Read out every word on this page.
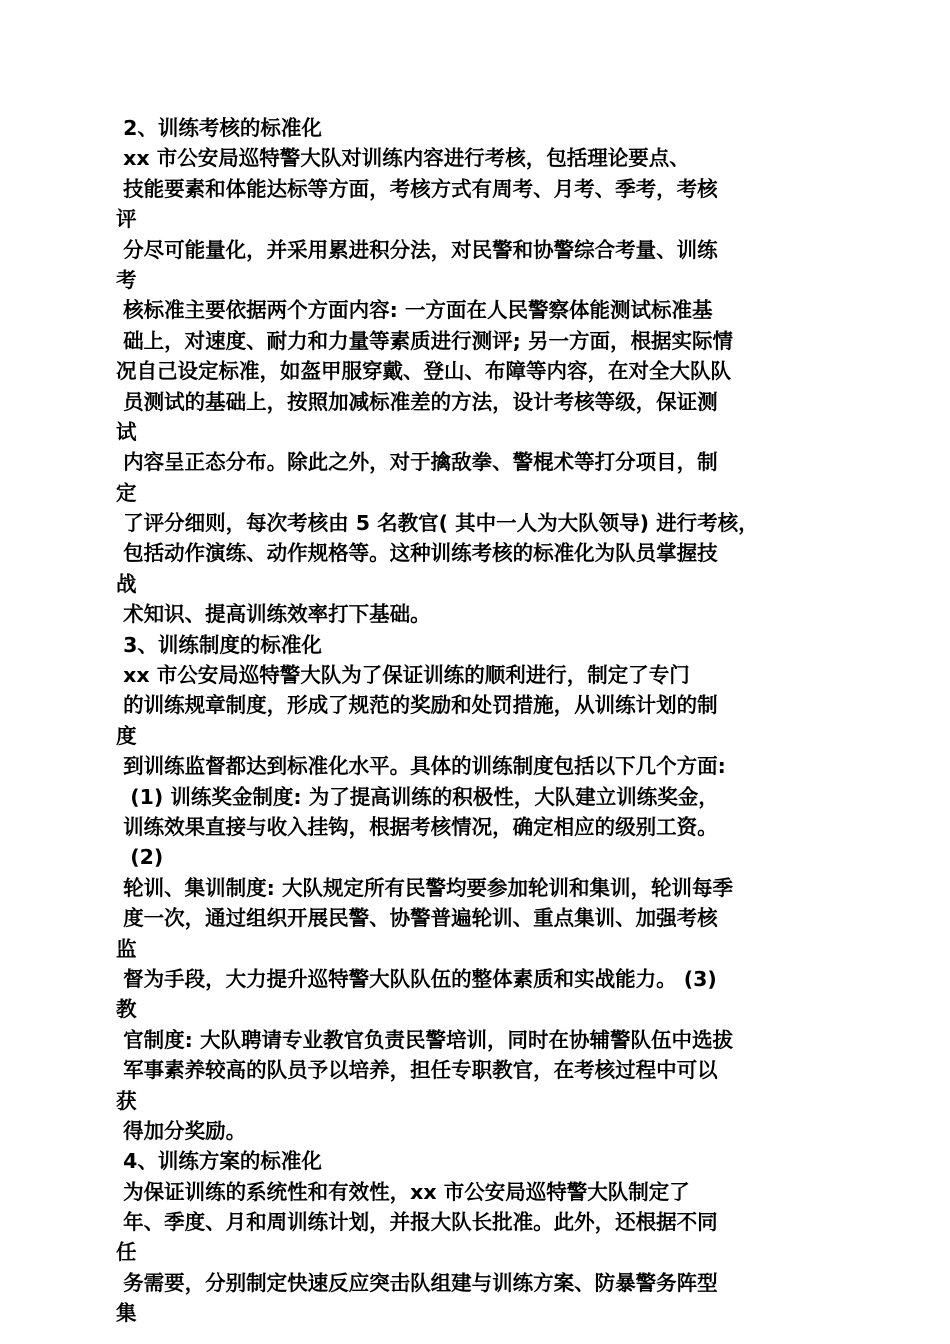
2、训练考核的标准化
xx 市公安局巡特警大队对训练内容进行考核，包括理论要点、
技能要素和体能达标等方面，考核方式有周考、月考、季考，考核
评
分尽可能量化，并采用累进积分法，对民警和协警综合考量、训练
考
核标准主要依据两个方面内容: 一方面在人民警察体能测试标准基
础上，对速度、耐力和力量等素质进行测评; 另一方面，根据实际情
况自己设定标准，如盔甲服穿戴、登山、布障等内容，在对全大队队
员测试的基础上，按照加减标准差的方法，设计考核等级，保证测
试
内容呈正态分布。除此之外，对于擒敌拳、警棍术等打分项目，制
定
了评分细则，每次考核由 5 名教官( 其中一人为大队领导) 进行考核，
包括动作演练、动作规格等。这种训练考核的标准化为队员掌握技
战
术知识、提高训练效率打下基础。
3、训练制度的标准化
xx 市公安局巡特警大队为了保证训练的顺利进行，制定了专门
的训练规章制度，形成了规范的奖励和处罚措施，从训练计划的制
度
到训练监督都达到标准化水平。具体的训练制度包括以下几个方面:
(1) 训练奖金制度: 为了提高训练的积极性，大队建立训练奖金，
训练效果直接与收入挂钩，根据考核情况，确定相应的级别工资。
(2)
轮训、集训制度: 大队规定所有民警均要参加轮训和集训，轮训每季
度一次，通过组织开展民警、协警普遍轮训、重点集训、加强考核
监
督为手段，大力提升巡特警大队队伍的整体素质和实战能力。 (3)
教
官制度: 大队聘请专业教官负责民警培训，同时在协辅警队伍中选拔
军事素养较高的队员予以培养，担任专职教官，在考核过程中可以
获
得加分奖励。
4、训练方案的标准化
为保证训练的系统性和有效性，xx 市公安局巡特警大队制定了
年、季度、月和周训练计划，并报大队长批准。此外，还根据不同
任
务需要，分别制定快速反应突击队组建与训练方案、防暴警务阵型
集
